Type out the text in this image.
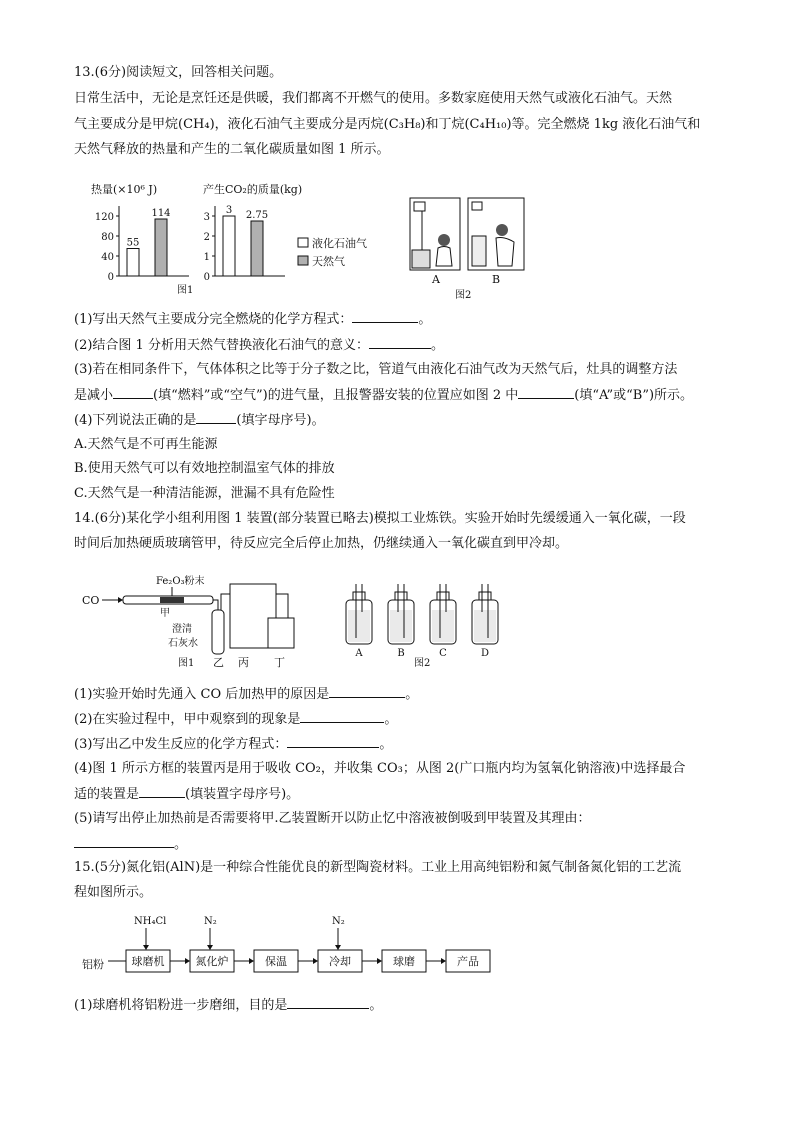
13.(6分)阅读短文，回答相关问题。
日常生活中，无论是烹饪还是供暖，我们都离不开燃气的使用。多数家庭使用天然气或液化石油气。天然
气主要成分是甲烷(CH₄)，液化石油气主要成分是丙烷(C₃H₈)和丁烷(C₄H₁₀)等。完全燃烧 1kg 液化石油气和
天然气释放的热量和产生的二氧化碳质量如图 1 所示。
热量(×10⁶ J)
0
40
80
120
55
114
产生CO₂的质量(kg)
0
1
2
3
3 2.75
液化石油气
天然气
图1
A	B
图2
(1)写出天然气主要成分完全燃烧的化学方程式：	。
(2)结合图 1 分析用天然气替换液化石油气的意义：	。
(3)若在相同条件下，气体体积之比等于分子数之比，管道气由液化石油气改为天然气后，灶具的调整方法
是减小	(填“燃料”或“空气”)的进气量，且报警器安装的位置应如图 2 中	(填“A”或“B”)所示。
(4)下列说法正确的是	(填字母序号)。
A.天然气是不可再生能源
B.使用天然气可以有效地控制温室气体的排放
C.天然气是一种清洁能源，泄漏不具有危险性
14.(6分)某化学小组利用图 1 装置(部分装置已略去)模拟工业炼铁。实验开始时先缓缓通入一氧化碳，一段
时间后加热硬质玻璃管甲，待反应完全后停止加热，仍继续通入一氧化碳直到甲冷却。
CO
Fe₂O₃粉末
甲
澄清
石灰水
乙 丙 丁
图1
A	B	C	D
图2
(1)实验开始时先通入 CO 后加热甲的原因是	。
(2)在实验过程中，甲中观察到的现象是	。
(3)写出乙中发生反应的化学方程式：	。
(4)图 1 所示方框的装置丙是用于吸收 CO₂，并收集 CO₃；从图 2(广口瓶内均为氢氧化钠溶液)中选择最合
适的装置是	(填装置字母序号)。
(5)请写出停止加热前是否需要将甲.乙装置断开以防止忆中溶液被倒吸到甲装置及其理由：
。
15.(5分)氮化铝(AlN)是一种综合性能优良的新型陶瓷材料。工业上用高纯铝粉和氮气制备氮化铝的工艺流
程如图所示。
铝粉
NH₄Cl	N₂	N₂
球磨机	氮化炉	保温	冷却	球磨	产品
(1)球磨机将铝粉进一步磨细，目的是	。
